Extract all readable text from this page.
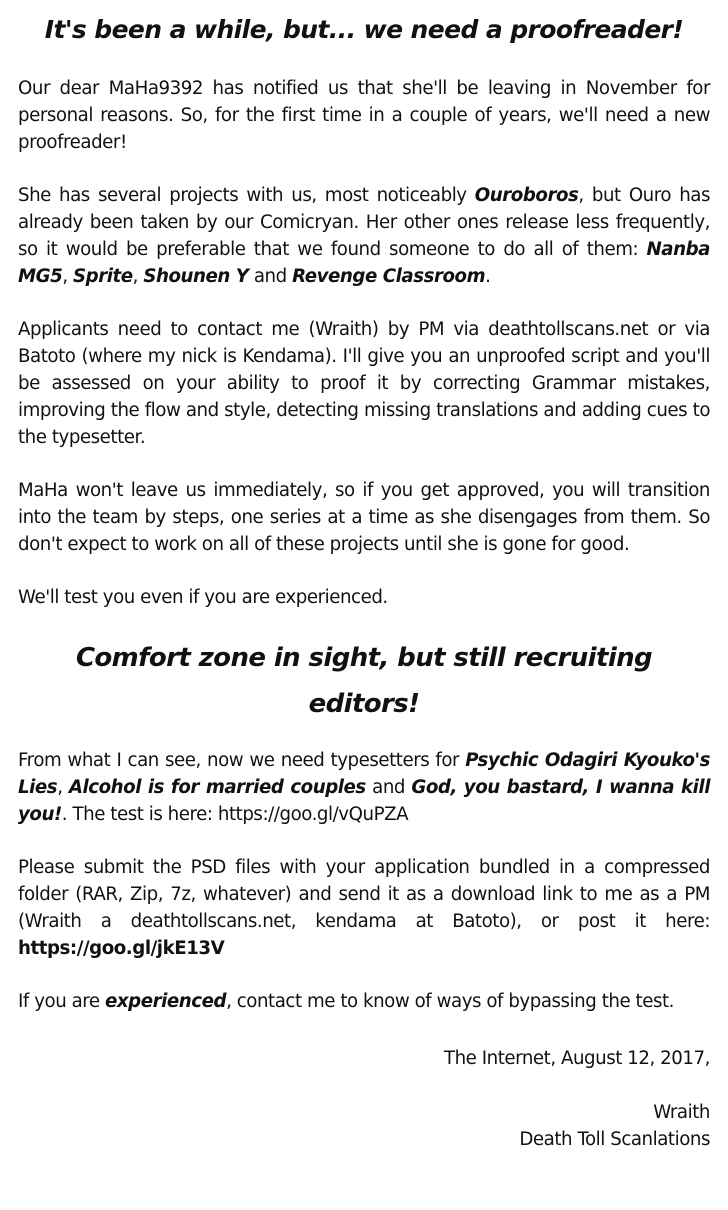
It's been a while, but... we need a proofreader!

Our dear MaHa9392 has notified us that she'll be leaving in November for personal reasons. So, for the first time in a couple of years, we'll need a new proofreader!

She has several projects with us, most noticeably Ouroboros, but Ouro has already been taken by our Comicryan. Her other ones release less frequently, so it would be preferable that we found someone to do all of them: Nanba MG5, Sprite, Shounen Y and Revenge Classroom.

Applicants need to contact me (Wraith) by PM via deathtollscans.net or via Batoto (where my nick is Kendama). I'll give you an unproofed script and you'll be assessed on your ability to proof it by correcting Grammar mistakes, improving the flow and style, detecting missing translations and adding cues to the typesetter.

MaHa won't leave us immediately, so if you get approved, you will transition into the team by steps, one series at a time as she disengages from them. So don't expect to work on all of these projects until she is gone for good.

We'll test you even if you are experienced.

Comfort zone in sight, but still recruiting editors!

From what I can see, now we need typesetters for Psychic Odagiri Kyouko's Lies, Alcohol is for married couples and God, you bastard, I wanna kill you!. The test is here: https://goo.gl/vQuPZA

Please submit the PSD files with your application bundled in a compressed folder (RAR, Zip, 7z, whatever) and send it as a download link to me as a PM (Wraith a deathtollscans.net, kendama at Batoto), or post it here: https://goo.gl/jkE13V

If you are experienced, contact me to know of ways of bypassing the test.

The Internet, August 12, 2017,
Wraith
Death Toll Scanlations
